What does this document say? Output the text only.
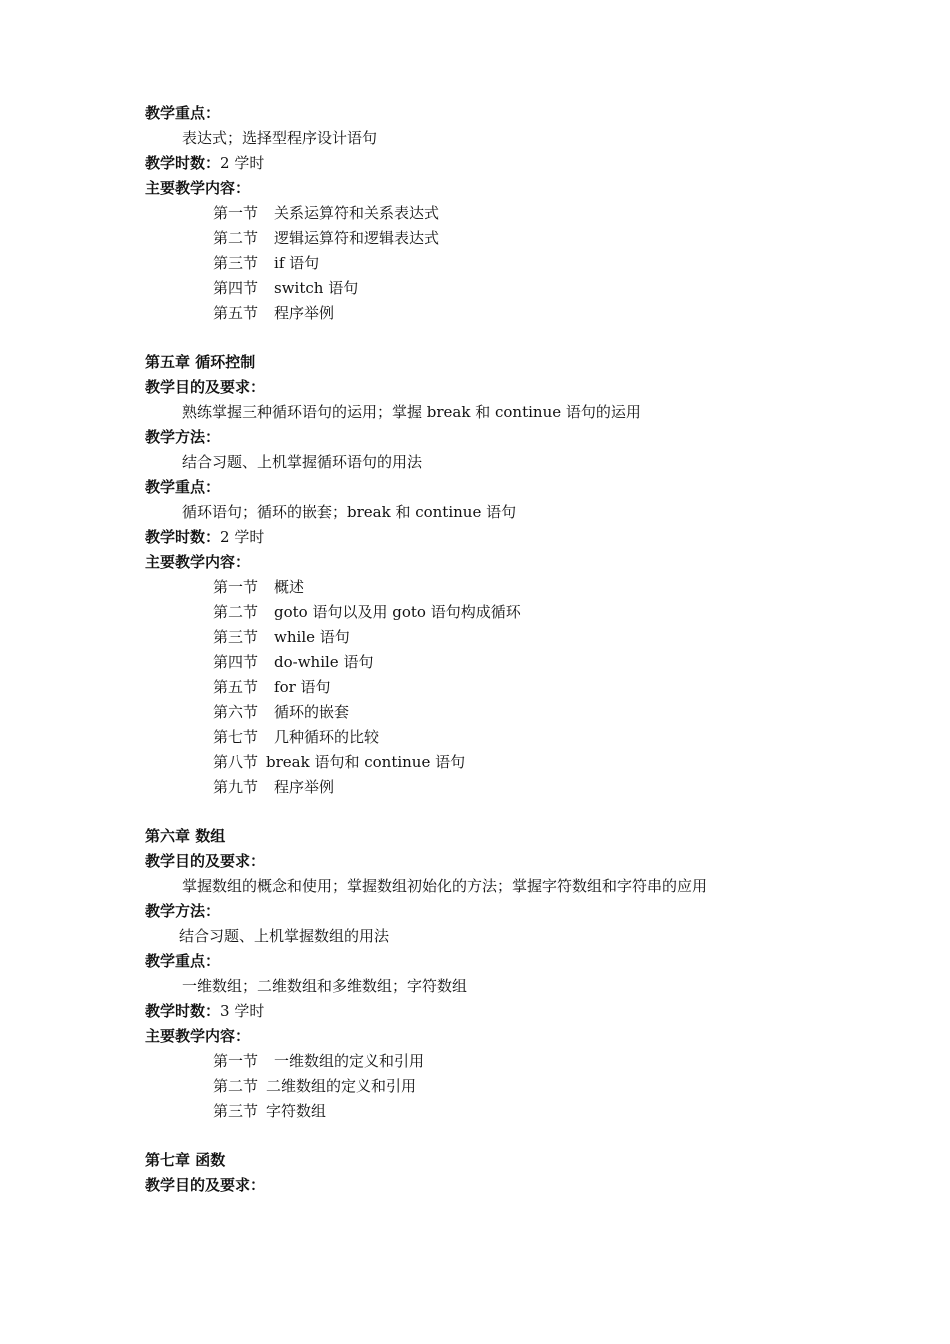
教学重点：
表达式；选择型程序设计语句
教学时数：2 学时
主要教学内容：
第一节 关系运算符和关系表达式
第二节 逻辑运算符和逻辑表达式
第三节 if 语句
第四节 switch 语句
第五节 程序举例
第五章 循环控制
教学目的及要求：
熟练掌握三种循环语句的运用；掌握 break 和 continue 语句的运用
教学方法：
结合习题、上机掌握循环语句的用法
教学重点：
循环语句；循环的嵌套；break 和 continue 语句
教学时数：2 学时
主要教学内容：
第一节 概述
第二节 goto 语句以及用 goto 语句构成循环
第三节 while 语句
第四节 do-while 语句
第五节 for 语句
第六节 循环的嵌套
第七节 几种循环的比较
第八节 break 语句和 continue 语句
第九节 程序举例
第六章 数组
教学目的及要求：
掌握数组的概念和使用；掌握数组初始化的方法；掌握字符数组和字符串的应用
教学方法：
结合习题、上机掌握数组的用法
教学重点：
一维数组；二维数组和多维数组；字符数组
教学时数：3 学时
主要教学内容：
第一节 一维数组的定义和引用
第二节 二维数组的定义和引用
第三节 字符数组
第七章 函数
教学目的及要求：
